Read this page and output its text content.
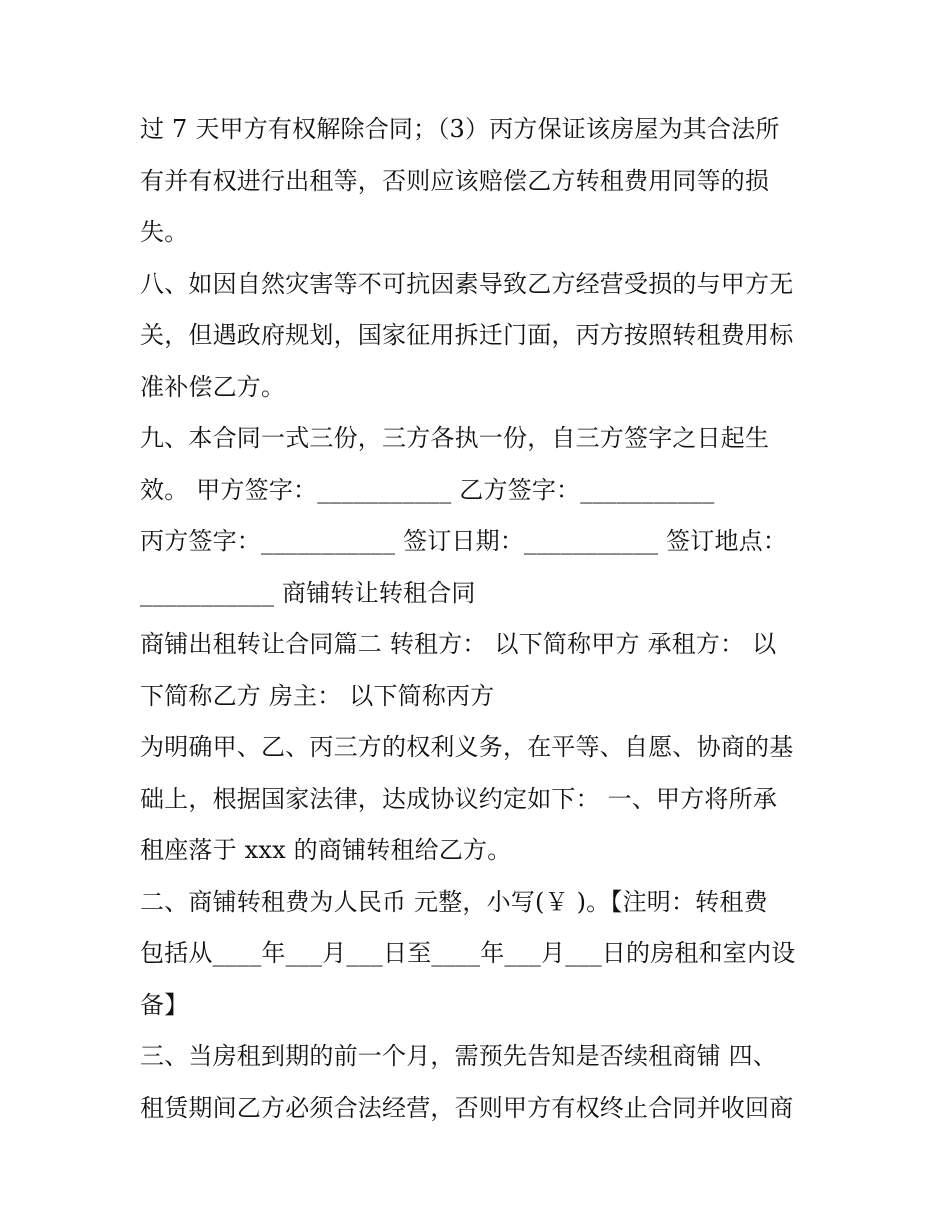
过 7 天甲方有权解除合同；（3）丙方保证该房屋为其合法所
有并有权进行出租等，否则应该赔偿乙方转租费用同等的损
失。
八、如因自然灾害等不可抗因素导致乙方经营受损的与甲方无
关，但遇政府规划，国家征用拆迁门面，丙方按照转租费用标
准补偿乙方。
九、本合同一式三份，三方各执一份，自三方签字之日起生
效。 甲方签字：___________ 乙方签字：___________
丙方签字：___________ 签订日期：___________ 签订地点：
___________ 商铺转让转租合同
商铺出租转让合同篇二 转租方： 以下简称甲方 承租方： 以
下简称乙方 房主： 以下简称丙方
为明确甲、乙、丙三方的权利义务，在平等、自愿、协商的基
础上，根据国家法律，达成协议约定如下： 一、甲方将所承
租座落于 xxx 的商铺转租给乙方。
二、商铺转租费为人民币 元整，小写(￥ )。【注明：转租费
包括从____年___月___日至____年___月___日的房租和室内设
备】
三、当房租到期的前一个月，需预先告知是否续租商铺 四、
租赁期间乙方必须合法经营，否则甲方有权终止合同并收回商
